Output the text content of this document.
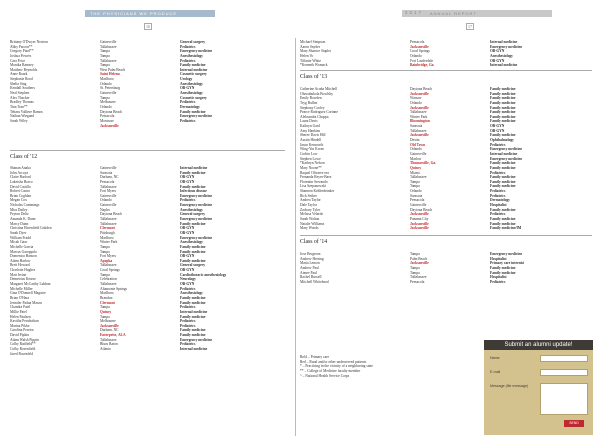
THE PHYSICIANS WE PRODUCE
16
2017 ANNUAL REPORT
17
Brittany O'Dwyer Newton
Abby Parcon**
Gregory Patel**
Joshua Powers
Cara Price
Monika Ramsey
Matthew Reynolds
Anne Roark
Stephanie Rood
Shelia Sing
Kendall Southers
Neal Stephen
Alex Thacker
Bradley Thomas
Tina Tran**
Teharu Valliere Ramos
Nathan Wiegand
Sarah Wiley
Gainesville
Tallahassee
Tampa
Tampa
Tallahassee
Tampa
West Palm Beach
Saint Helena
Marlboro
Orlando
St. Petersburg
Gainesville
Tampa
Melbourne
Orlando
Daytona Beach
Pensacola
Montrose
Jacksonville
General surgery
Pediatrics
Emergency medicine
Anesthesiology
Pediatrics
Family medicine
Internal medicine
Cosmetic surgery
Urology
Anesthesiology
OB-GYN
Anesthesiology
Cosmetic surgery
Pediatrics
Dermatology
Family medicine
Emergency medicine
Pediatrics
Class of '12
Shanan Anaka
John Arcoya
Claire Barford
Lakeisha Bravo
David Castillo
Robert Castro
Brian Coghlan
Megan Cox
Nicholas Cummings
Mira Dailey
Peyton Deltz
Amanda K. Dunn
Marcy Dunn
Christina Ehrenfield Gokden
Sarah Dyer
William Fradd
Micah Gaur
Michelle Garcia
Marcus Garoppolo
Domenica Hanson
Adam Harlow
Brett Howard
Charlotte Hughes
Matt Irvine
Demetrius Kearse
Margaret McCarthy Lubban
Michelle Miller
Gina O'Donnell Maguire
Brian O'Hara
Jennifer Padua Mason
Chandra Patel
Millie Patel
Helen Paulsen
Kavitha Perubothan
Marina Pikke
Carolina Pereira
David Pipkin
Adam Walsh Pippin
Colby Radfield**
Colby Rosenfield
Jared Rosenfeld
Gainesville
Sarasota
Durham, NC
Pensacola
Tallahassee
Fort Myers
Gainesville
Orlando
Gainesville
Naples
Daytona Beach
Tallahassee
Tallahassee
Clermont
Pittsburgh
Marlboro
Winter Park
Tampa
Tampa
Fort Myers
Apopka
Tallahassee
Coral Springs
Tampa
Celebration
Tallahassee
Altamonte Springs
Marlboro
Brandon
Clermont
Tampa
Quincy
Tampa
Melbourne
Jacksonville
Durham, NC
Enterprise, ALA
Tallahassee
Bluru Raton
Atlanta
Internal medicine
Family medicine
OB-GYN
OB-GYN
Family medicine
Infectious disease
Emergency medicine
Pediatrics
Emergency medicine
Anesthesiology
General surgery
Emergency medicine
Family medicine
OB-GYN
OB-GYN
Emergency medicine
Anesthesiology
Family medicine
Family medicine
OB-GYN
Family medicine
General surgery
OB-GYN
Cardiothoracic anesthesiology
Neurology
OB-GYN
Pediatrics
Anesthesiology
Family medicine
Family medicine
Pediatrics
Internal medicine
Family medicine
Pediatrics
Pediatrics
Family medicine
Family medicine
Emergency medicine
Pediatrics
Internal medicine
Michael Simpson
Aaron Snyder
Mary Shanice Staples
Helen Vo
Tiffanie White
*Kenneth Womack
Pensacola
Jacksonville
Coral Springs
Orlando
Fort Lauderdale
Bainbridge, Ga.
Internal medicine
Emergency medicine
OB-GYN
Anesthesiology
OB-GYN
Internal medicine
Class of '13
Catherine Acuña Mitchell
Oluwabukola Bowlsby
Emily Bowden
Tryg Bullen
Stephany Cooley
Pearce Rodriguez Corinne
Aleksandra Choppa
Laura Davis
Kathryn Gard
Amy Hankins
Sheree Davis Hill
Austin Hindell
Jason Kenworth
Wing-Yin Kwan
Corbin Low
Stephen Lowe
*Kathryn Nelson
Mary Noone**
Raquel Olivares-rea
Fernanda Reyes-Baez
Florentin Servando
Lisa Szepanowski
Shannon Kehlenbrinker
Rick Seiber
Andrea Taylor
Dale Taylor
Zachary Tyler
Melissa Velardo
Sarah Walton
Natalie Williams
Mary Woods
Daytona Beach
Jacksonville
Warsaw
Orlando
Jacksonville
Tallahassee
Winter Park
Bloomington
Sarasota
Tallahassee
Jacksonville
Destin
Old Town
Orlando
Gainesville
Marlow
Thomasville, Ga.
Quincy
Miami
Tallahassee
Tampa
Tampa
Orlando
Sarasota
Pensacola
Gainesville
Daytona Beach
Jacksonville
Panama City
Jacksonville
Jacksonville
Family medicine
Family medicine
Family medicine
Family medicine
Family medicine
Family medicine
Family medicine
Family medicine
OB-GYN
OB-GYN
Family medicine
Ophthalmology
Pediatrics
Emergency medicine
Internal medicine
Emergency medicine
Family medicine
Family medicine
Pediatrics
Family medicine
Family medicine
Family medicine
Pediatrics
Pediatrics
Dermatology
Hospitalist
Family medicine
Pediatrics
Family medicine
Family medicine
Family medicine/IM
Class of '14
Jose Bergeron
Andrew Herring
Maria Lemon
Andrew Paul
Aimee Paul
Rachel Russell
Mitchell Whitehead
Tampa
Palm Beach
Jacksonville
Tampa
Tampa
Tallahassee
Pensacola
Emergency medicine
Hospitalist
Primary care internist
Family medicine
Family medicine
Hospitalist
Pediatrics
Bold – Primary care
Red – Rural and/or other underserved patients
* – Practicing in the vicinity of a neighboring state
** – College of Medicine faculty member
^ – National Health Service Corps
Submit an alumni update!
Name
E-mail
Message (file message)
SEND
